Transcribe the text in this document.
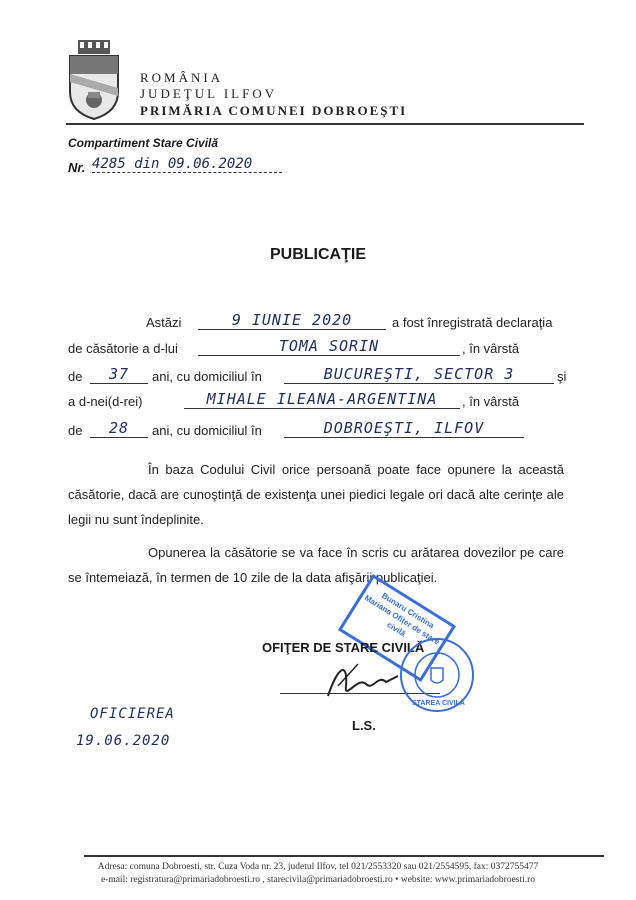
ROMÂNIA
JUDEŢUL ILFOV
PRIMĂRIA COMUNEI DOBROEŞTI
Compartiment Stare Civilă
Nr. 4285 din 09.06.2020
PUBLICAŢIE
Astăzi	9 IUNIE 2020	a fost înregistrată declaraţia
de căsătorie a d-lui	TOMA SORIN	, în vârstă
de	37	ani, cu domiciliul în	BUCUREŞTI, SECTOR 3	şi
a d-nei(d-rei)	MIHALE ILEANA-ARGENTINA	, în vârstă
de	28	ani, cu domiciliul în	DOBROEŞTI, ILFOV
În baza Codului Civil orice persoană poate face opunere la această căsătorie, dacă are cunoştinţă de existenţa unei piedici legale ori dacă alte cerinţe ale legii nu sunt îndeplinite.
Opunerea la căsătorie se va face în scris cu arătarea dovezilor pe care se întemeiază, în termen de 10 zile de la data afişării publicaţiei.
Bunaru Cristina Mariana Ofițer de stare civilă
OFIŢER DE STARE CIVILĂ
STAREA CIVILĂ
L.S.
OFICIEREA
19.06.2020
Adresa: comuna Dobroesti, str. Cuza Voda nr. 23, judetul Ilfov, tel 021/2553320 sau 021/2554595, fax: 0372755477
e-mail: registratura@primariadobroesti.ro , starecivila@primariadobroesti.ro • website: www.primariadobroesti.ro
